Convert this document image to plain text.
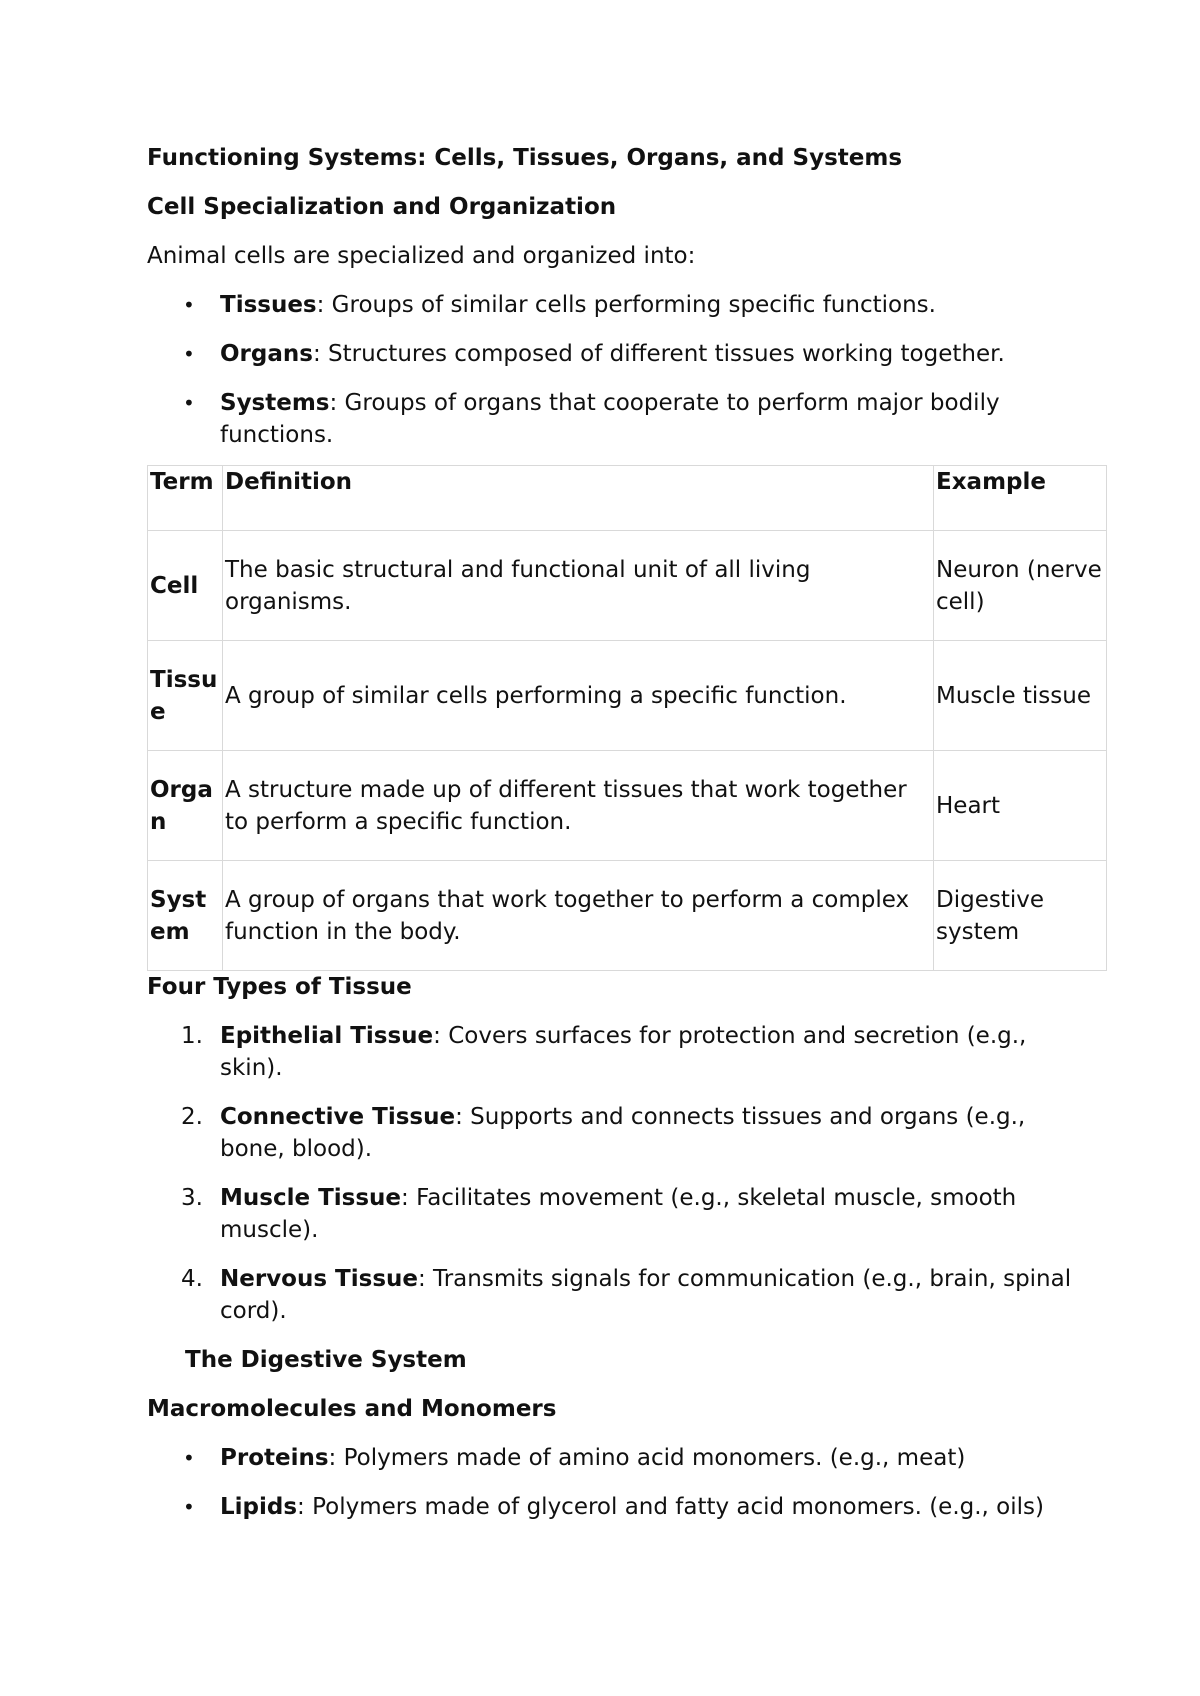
Functioning Systems: Cells, Tissues, Organs, and Systems
Cell Specialization and Organization
Animal cells are specialized and organized into:
• Tissues: Groups of similar cells performing specific functions.
• Organs: Structures composed of different tissues working together.
• Systems: Groups of organs that cooperate to perform major bodily functions.
Term	Definition	Example
Cell	The basic structural and functional unit of all living organisms.	Neuron (nerve cell)
Tissue	A group of similar cells performing a specific function.	Muscle tissue
Organ	A structure made up of different tissues that work together to perform a specific function.	Heart
System	A group of organs that work together to perform a complex function in the body.	Digestive system
Four Types of Tissue
1. Epithelial Tissue: Covers surfaces for protection and secretion (e.g., skin).
2. Connective Tissue: Supports and connects tissues and organs (e.g., bone, blood).
3. Muscle Tissue: Facilitates movement (e.g., skeletal muscle, smooth muscle).
4. Nervous Tissue: Transmits signals for communication (e.g., brain, spinal cord).
The Digestive System
Macromolecules and Monomers
• Proteins: Polymers made of amino acid monomers. (e.g., meat)
• Lipids: Polymers made of glycerol and fatty acid monomers. (e.g., oils)
